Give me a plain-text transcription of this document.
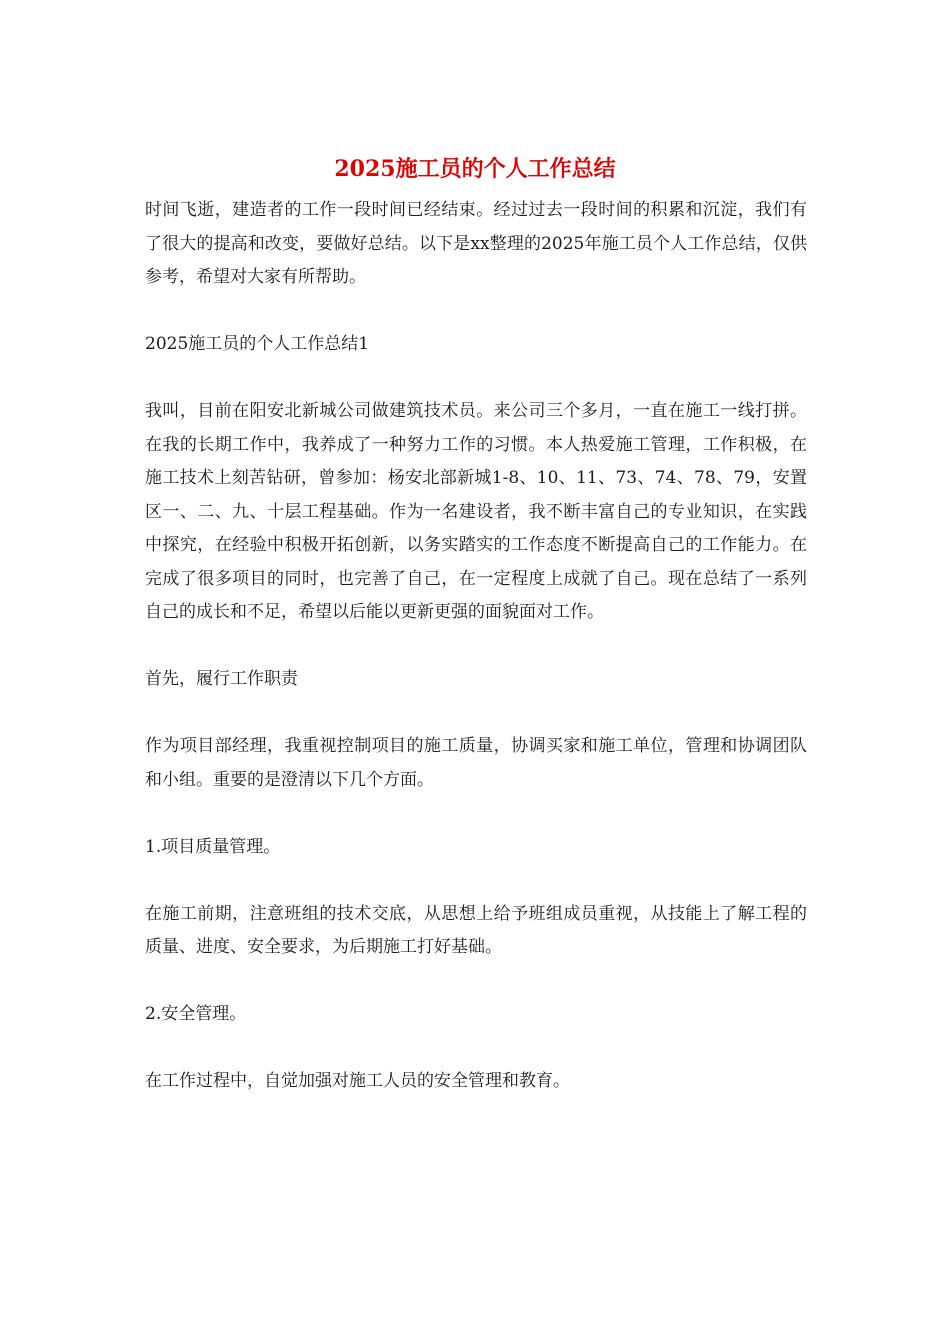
2025施工员的个人工作总结

时间飞逝，建造者的工作一段时间已经结束。经过过去一段时间的积累和沉淀，我们有了很大的提高和改变，要做好总结。以下是xx整理的2025年施工员个人工作总结，仅供参考，希望对大家有所帮助。

2025施工员的个人工作总结1

我叫，目前在阳安北新城公司做建筑技术员。来公司三个多月，一直在施工一线打拼。在我的长期工作中，我养成了一种努力工作的习惯。本人热爱施工管理，工作积极，在施工技术上刻苦钻研，曾参加：杨安北部新城1-8、10、11、73、74、78、79，安置区一、二、九、十层工程基础。作为一名建设者，我不断丰富自己的专业知识，在实践中探究，在经验中积极开拓创新，以务实踏实的工作态度不断提高自己的工作能力。在完成了很多项目的同时，也完善了自己，在一定程度上成就了自己。现在总结了一系列自己的成长和不足，希望以后能以更新更强的面貌面对工作。

首先，履行工作职责

作为项目部经理，我重视控制项目的施工质量，协调买家和施工单位，管理和协调团队和小组。重要的是澄清以下几个方面。

1.项目质量管理。

在施工前期，注意班组的技术交底，从思想上给予班组成员重视，从技能上了解工程的质量、进度、安全要求，为后期施工打好基础。

2.安全管理。

在工作过程中，自觉加强对施工人员的安全管理和教育。
